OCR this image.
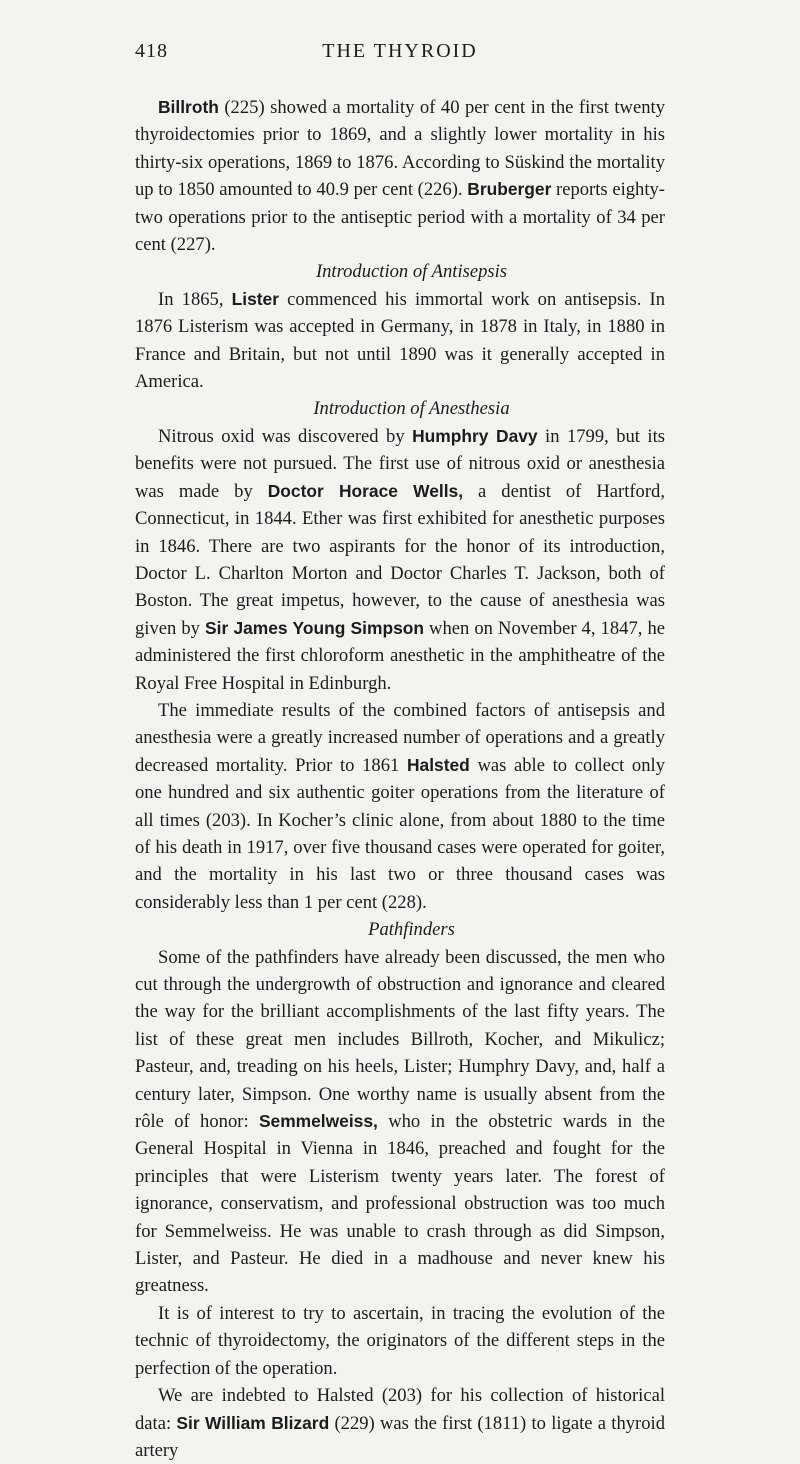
418	THE THYROID

Billroth (225) showed a mortality of 40 per cent in the first twenty thyroidectomies prior to 1869, and a slightly lower mortality in his thirty-six operations, 1869 to 1876. According to Süskind the mortality up to 1850 amounted to 40.9 per cent (226). Bruberger reports eighty-two operations prior to the antiseptic period with a mortality of 34 per cent (227).

Introduction of Antisepsis

In 1865, Lister commenced his immortal work on antisepsis. In 1876 Listerism was accepted in Germany, in 1878 in Italy, in 1880 in France and Britain, but not until 1890 was it generally accepted in America.

Introduction of Anesthesia

Nitrous oxid was discovered by Humphry Davy in 1799, but its benefits were not pursued. The first use of nitrous oxid or anesthesia was made by Doctor Horace Wells, a dentist of Hartford, Connecticut, in 1844. Ether was first exhibited for anesthetic purposes in 1846. There are two aspirants for the honor of its introduction, Doctor L. Charlton Morton and Doctor Charles T. Jackson, both of Boston. The great impetus, however, to the cause of anesthesia was given by Sir James Young Simpson when on November 4, 1847, he administered the first chloroform anesthetic in the amphitheatre of the Royal Free Hospital in Edinburgh.

The immediate results of the combined factors of antisepsis and anesthesia were a greatly increased number of operations and a greatly decreased mortality. Prior to 1861 Halsted was able to collect only one hundred and six authentic goiter operations from the literature of all times (203). In Kocher’s clinic alone, from about 1880 to the time of his death in 1917, over five thousand cases were operated for goiter, and the mortality in his last two or three thousand cases was considerably less than 1 per cent (228).

Pathfinders

Some of the pathfinders have already been discussed, the men who cut through the undergrowth of obstruction and ignorance and cleared the way for the brilliant accomplishments of the last fifty years. The list of these great men includes Billroth, Kocher, and Mikulicz; Pasteur, and, treading on his heels, Lister; Humphry Davy, and, half a century later, Simpson. One worthy name is usually absent from the rôle of honor: Semmelweiss, who in the obstetric wards in the General Hospital in Vienna in 1846, preached and fought for the principles that were Listerism twenty years later. The forest of ignorance, conservatism, and professional obstruction was too much for Semmelweiss. He was unable to crash through as did Simpson, Lister, and Pasteur. He died in a madhouse and never knew his greatness.

It is of interest to try to ascertain, in tracing the evolution of the technic of thyroidectomy, the originators of the different steps in the perfection of the operation.

We are indebted to Halsted (203) for his collection of historical data: Sir William Blizard (229) was the first (1811) to ligate a thyroid artery
